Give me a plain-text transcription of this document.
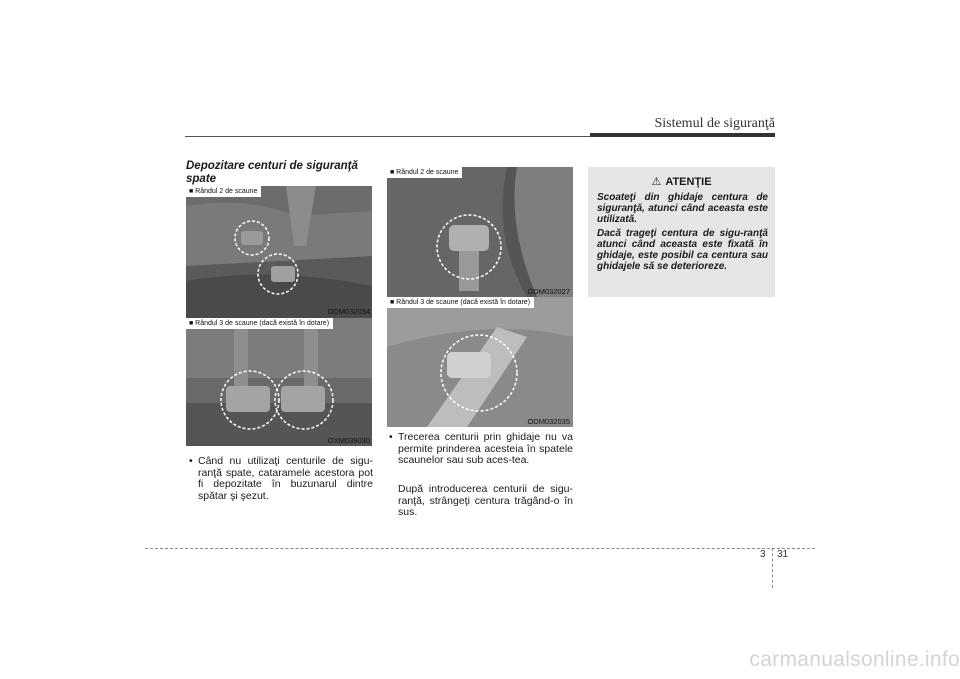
Sistemul de siguranţă
Depozitare centuri de siguranţă spate
■ Rândul 2 de scaune
ODM032034
■ Rândul 3 de scaune (dacă există în dotare)
OXM039030
• Când nu utilizaţi centurile de sigu-ranţă spate, cataramele acestora pot fi depozitate în buzunarul dintre spătar şi şezut.
■ Rândul 2 de scaune
ODM032027
■ Rândul 3 de scaune (dacă există în dotare)
ODM032035
• Trecerea centurii prin ghidaje nu va permite prinderea acesteia în spatele scaunelor sau sub aces-tea.
După introducerea centurii de sigu-ranţă, strângeţi centura trăgând-o în sus.
⚠ ATENŢIE

Scoateţi din ghidaje centura de siguranţă, atunci când aceasta este utilizată.

Dacă trageţi centura de sigu-ranţă atunci când aceasta este fixată în ghidaje, este posibil ca centura sau ghidajele să se deterioreze.

3 31
carmanualsonline.info
